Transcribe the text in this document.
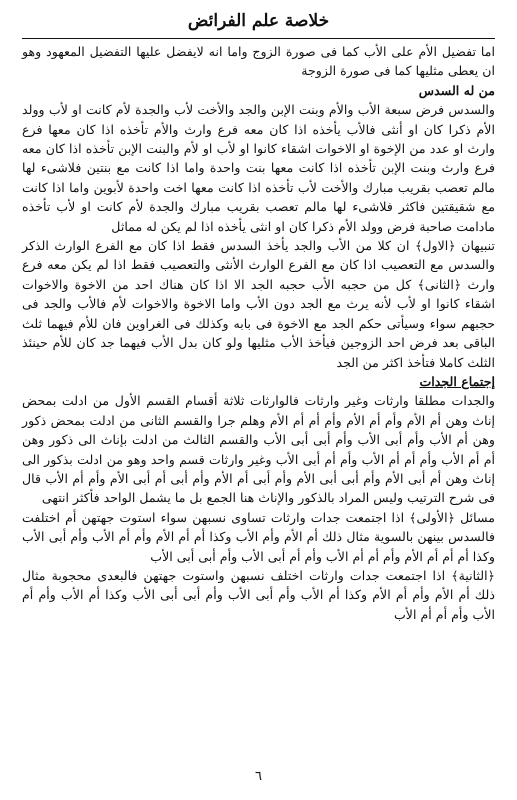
خلاصة علم الفرائض

اما تفضيل الأم على الأب كما فى صورة الزوج واما انه لايفضل عليها التفضيل المعهود وهو ان يعطى مثليها كما فى صورة الزوجة

من له السدس

والسدس فرض سبعة الأب والأم وبنت الإبن والجد والأخت لأب والجدة لأم كانت او لأب وولد الأم ذكرا كان او أنثى فالأب يأخذه اذا كان معه فرع وارث والأم تأخذه اذا كان معها فرع وارث او عدد من الإخوة او الاخوات اشقاء كانوا او لأب او لأم والبنت الإبن تأخذه اذا كان معه فرع وارث وبنت الإبن تأخذه اذا كانت معها بنت واحدة واما اذا كانت مع بنتين فلاشىء لها مالم تعصب بقريب مبارك والأخت لأب تأخذه اذا كانت معها اخت واحدة لأبوين واما اذا كانت مع شقيقتين فاكثر فلاشىء لها مالم تعصب بقريب مبارك والجدة لأم كانت او لأب تأخذه مادامت صاحبة فرض وولد الأم ذكرا كان او انثى يأخذه اذا لم يكن له مماثل

تنبيهان ﴿الاول﴾ ان كلا من الأب والجد يأخذ السدس فقط اذا كان مع الفرع الوارث الذكر والسدس مع التعصيب اذا كان مع الفرع الوارث الأنثى والتعصيب فقط اذا لم يكن معه فرع وارث ﴿الثانى﴾ كل من حجبه الأب حجبه الجد الا اذا كان هناك احد من الاخوة والاخوات اشقاء كانوا او لأب لأنه يرث مع الجد دون الأب واما الاخوة والاخوات لأم فالأب والجد فى حجبهم سواء وسيأتى حكم الجد مع الاخوة فى بابه وكذلك فى الغراوين فان للأم فيهما ثلث الباقى بعد فرض احد الزوجين فيأخذ الأب مثليها ولو كان بدل الأب فيهما جد كان للأم حينئذ الثلث كاملا فتأخذ اكثر من الجد

إجتماع الجدات

والجدات مطلقا وارثات وغير وارثات فالوارثات ثلاثة أقسام القسم الأول من ادلت بمحض إناث وهن أم الأم وأم أم الأم وأم أم أم الأم وهلم جرا والقسم الثانى من ادلت بمحض ذكور وهن أم الأب وأم أبى الأب وأم أبى أبى الأب والقسم الثالث من ادلت بإناث الى ذكور وهن أم أم الأب وأم أم أم الأب وأم أم أبى الأب وغير وارثات قسم واحد وهو من ادلت بذكور الى إناث وهن أم أبى الأم وأم أبى أبى الأم وأم أبى أم الأم وأم أبى أم أبى الأم وأم أم الأب قال فى شرح الترتيب وليس المراد بالذكور والإناث هنا الجمع بل ما يشمل الواحد فأكثر انتهى

مسائل ﴿الأولى﴾ اذا اجتمعت جدات وارثات تساوى نسبهن سواء استوت جهتهن أم اختلفت فالسدس بينهن بالسوية مثال ذلك أم الأم وأم الأب وكذا أم أم الأم وأم أم الأب وأم أبى الأب وكذا أم أم أم الأم وأم أم أم الأب وأم أم أبى الأب وأم أبى أبى الأب

﴿الثانية﴾ اذا اجتمعت جدات وارثات اختلف نسبهن واستوت جهتهن فالبعدى محجوبة مثال ذلك أم الأم وأم أم الأم وكذا أم الأب وأم أبى الأب وأم أبى أبى الأب وكذا أم الأب وأم أم الأب وأم أم أم الأب

٦
